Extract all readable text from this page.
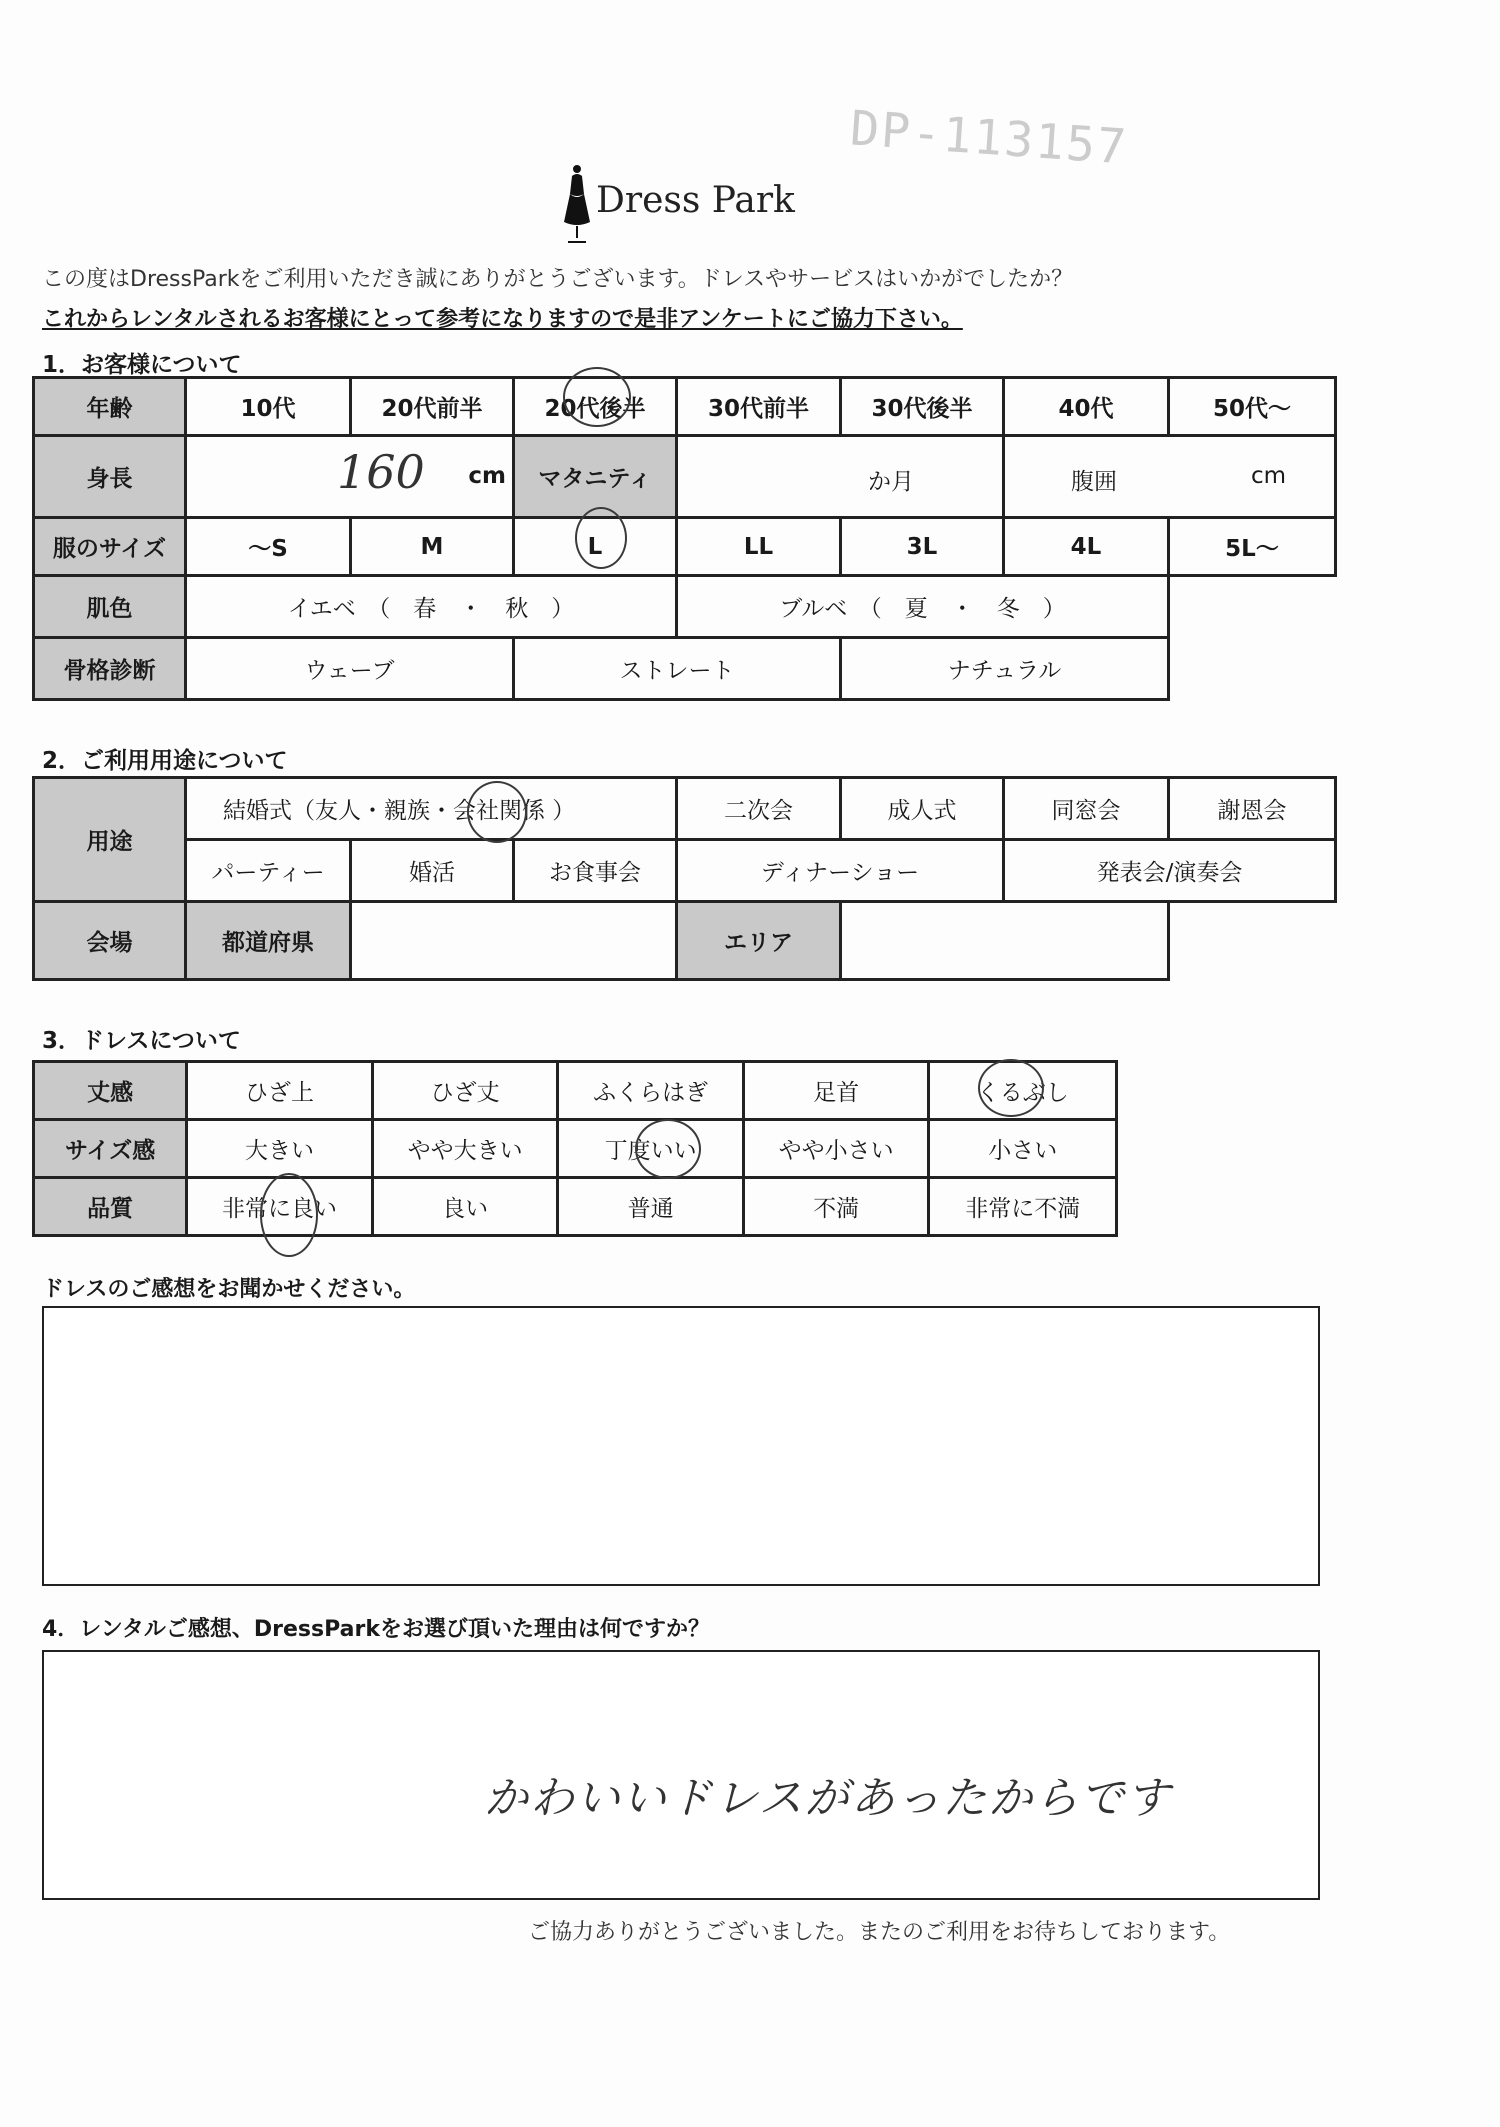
Dress Park
DP-113157
この度はDressParkをご利用いただき誠にありがとうございます。ドレスやサービスはいかがでしたか？
これからレンタルされるお客様にとって参考になりますので是非アンケートにご協力下さい。
1．お客様について
年齢	10代	20代前半	20代後半	30代前半	30代後半	40代	50代～
身長	160 cm		マタニティ	か月		腹囲 cm	

服のサイズ	～S	M	L	LL	3L	4L	5L～
肌色	イエベ　（　春　・　秋　）			ブルベ　（　夏　・　冬　）			
骨格診断	ウェーブ		ストレート		ナチュラル		
2．ご利用用途について
用途	結婚式（友人・親族・会社関係 ）			二次会	成人式	同窓会	謝恩会
	パーティー	婚活	お食事会	ディナーショー		発表会/演奏会	
会場	都道府県			エリア			
3．ドレスについて
丈感	ひざ上	ひざ丈	ふくらはぎ	足首	くるぶし

サイズ感	大きい	やや大きい	丁度いい	やや小さい	小さい
品質	非常に良い	良い	普通	不満	非常に不満
ドレスのご感想をお聞かせください。
4．レンタルご感想、DressParkをお選び頂いた理由は何ですか？
かわいいドレスがあったからです
ご協力ありがとうございました。またのご利用をお待ちしております。
